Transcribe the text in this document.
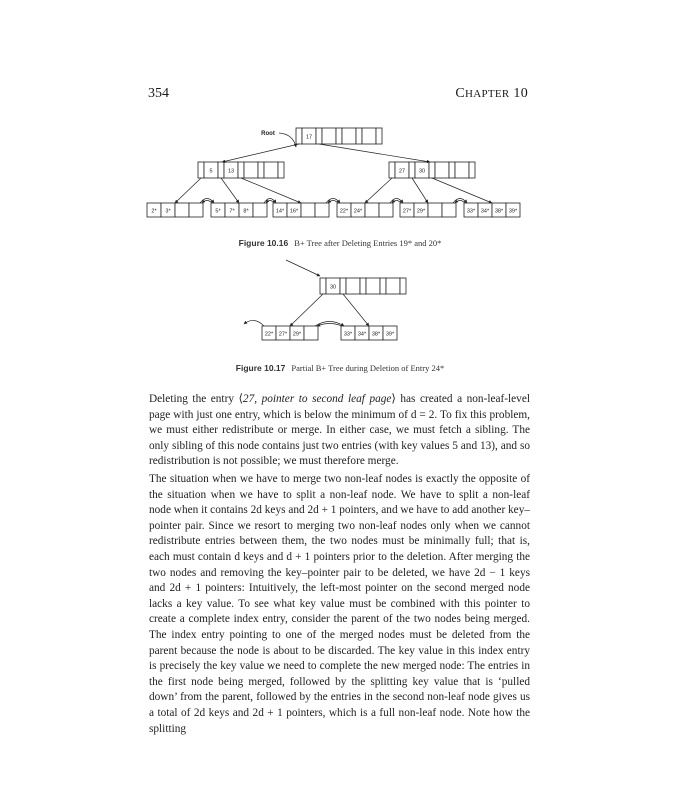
354	CHAPTER 10
Root
17
5	13	27	30
2* 3*	5* 7* 8*	14* 16*	22* 24*	27* 29*	33* 34* 38* 39*
30
22* 27* 29*	33* 34* 38* 39*
Figure 10.16 B+ Tree after Deleting Entries 19* and 20*
Figure 10.17 Partial B+ Tree during Deletion of Entry 24*

Deleting the entry ⟨27, pointer to second leaf page⟩ has created a non-leaf-level page with just one entry, which is below the minimum of d = 2. To fix this problem, we must either redistribute or merge. In either case, we must fetch a sibling. The only sibling of this node contains just two entries (with key values 5 and 13), and so redistribution is not possible; we must therefore merge.

The situation when we have to merge two non-leaf nodes is exactly the opposite of the situation when we have to split a non-leaf node. We have to split a non-leaf node when it contains 2d keys and 2d + 1 pointers, and we have to add another key–pointer pair. Since we resort to merging two non-leaf nodes only when we cannot redistribute entries between them, the two nodes must be minimally full; that is, each must contain d keys and d + 1 pointers prior to the deletion. After merging the two nodes and removing the key–pointer pair to be deleted, we have 2d − 1 keys and 2d + 1 pointers: Intuitively, the left-most pointer on the second merged node lacks a key value. To see what key value must be combined with this pointer to create a complete index entry, consider the parent of the two nodes being merged. The index entry pointing to one of the merged nodes must be deleted from the parent because the node is about to be discarded. The key value in this index entry is precisely the key value we need to complete the new merged node: The entries in the first node being merged, followed by the splitting key value that is ‘pulled down’ from the parent, followed by the entries in the second non-leaf node gives us a total of 2d keys and 2d + 1 pointers, which is a full non-leaf node. Note how the splitting
